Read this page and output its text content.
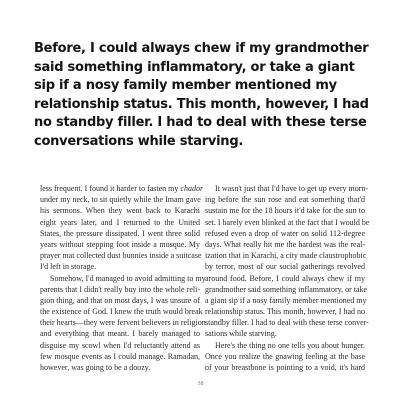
Before, I could always chew if my grandmother
said something inflammatory, or take a giant
sip if a nosy family member mentioned my
relationship status. This month, however, I had
no standby filler. I had to deal with these terse
conversations while starving.
less frequent. I found it harder to fasten my chador
under my neck, to sit quietly while the Imam gave
his sermons. When they went back to Karachi
eight years later, and I returned to the United
States, the pressure dissipated. I went three solid
years without stepping foot inside a mosque. My
prayer mat collected dust bunnies inside a suitcase
I'd left in storage.
Somehow, I'd managed to avoid admitting to my
parents that I didn't really buy into the whole reli-
gion thing, and that on most days, I was unsure of
the existence of God. I knew the truth would break
their hearts—they were fervent believers in religion
and everything that meant. I barely managed to
disguise my scowl when I'd reluctantly attend as
few mosque events as I could manage. Ramadan,
however, was going to be a doozy.
It wasn't just that I'd have to get up every morn-
ing before the sun rose and eat something that'd
sustain me for the 18 hours it'd take for the sun to
set. I barely even blinked at the fact that I would be
refused even a drop of water on solid 112-degree
days. What really hit me the hardest was the real-
ization that in Karachi, a city made claustrophobic
by terror, most of our social gatherings revolved
around food. Before, I could always chew if my
grandmother said something inflammatory, or take
a giant sip if a nosy family member mentioned my
relationship status. This month, however, I had no
standby filler. I had to deal with these terse conver-
sations while starving.
Here's the thing no one tells you about hunger.
Once you realize the gnawing feeling at the base
of your breastbone is pointing to a void, it's hard
38
